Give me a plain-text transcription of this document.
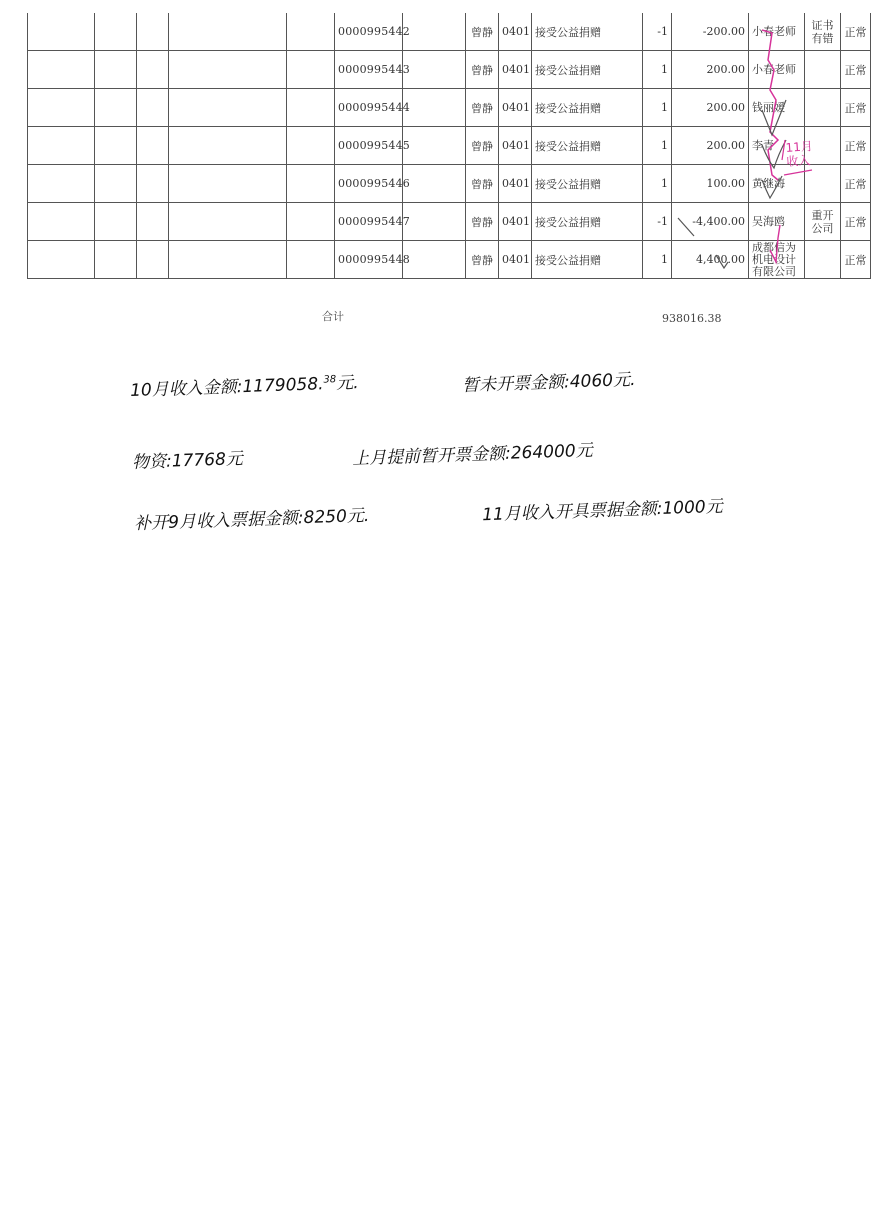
					0000995442		曾静	0401	接受公益捐赠	-1	-200.00	小春老师	证书
有错	正常
					0000995443		曾静	0401	接受公益捐赠	1	200.00	小春老师		正常
					0000995444		曾静	0401	接受公益捐赠	1	200.00	钱丽媛		正常
					0000995445		曾静	0401	接受公益捐赠	1	200.00	李青		正常
					0000995446		曾静	0401	接受公益捐赠	1	100.00	黄继海		正常
					0000995447		曾静	0401	接受公益捐赠	-1	-4,400.00	吴海鸥	重开
公司	正常
					0000995448		曾静	0401	接受公益捐赠	1	4,400.00	成都信为
机电设计
有限公司		正常
合计	938016.38
11月
收入
10月收入金额:1179058.38元.	暂未开票金额:4060元.
物资:17768元	上月提前暂开票金额:264000元
补开9月收入票据金额:8250元.	11月收入开具票据金额:1000元
